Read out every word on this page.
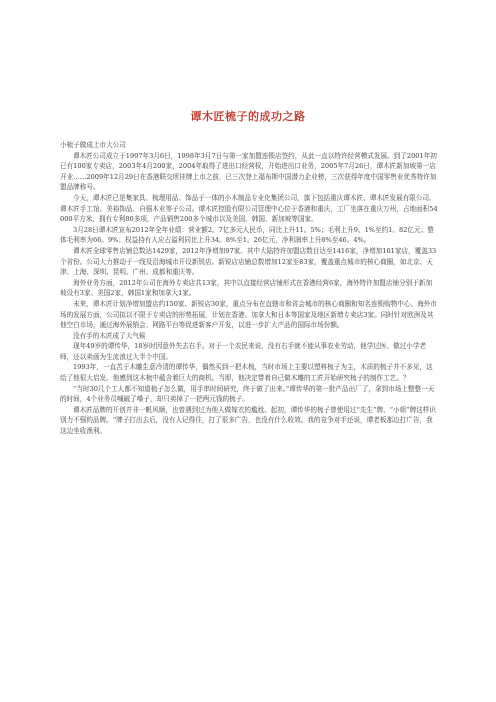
谭木匠梳子的成功之路

小梳子做成上市大公司

谭木匠公司成立于1997年3月6日，1998年3月7日与第一家加盟连锁店签约，从此一直以特许经营模式发展。到了2001年初已有100家专卖店，2003年4月200家，2004年取得了进出口经营权，开始进出口业务，2005年7月26日，谭木匠新加坡第一店开业……2009年12月29日在香港联交所挂牌上市之前，已三次登上福布斯中国潜力企业榜，三次获得年度中国零售业优秀特许加盟品牌称号。

今天，谭木匠已是集家具、梳理用品、饰品于一体的小木制品专业化集团公司，旗下包括重庆谭木匠、谭木匠发展有限公司、谭木匠手工馆、美裕饰品、自强木业等子公司。谭木匠控股有限公司管理中心位于香港和重庆，工厂坐落在重庆万州，占地面积54000平方米，拥有专利80多项，产品销售200多个城市以及美国、韩国、新加坡等国家。

3月28日谭木匠宣布2012年全年业绩：营业额2。7亿多元人民币，同比上升11。5%；毛利上升9。1%至约1。82亿元；整体毛利率为66。9%；权益持有人应占溢利同比上升34。8%至1。26亿元，净利润率上升8%至46。4%。

谭木匠全球零售店铺总数达1429家，2012年净增加97家。其中大陆特许加盟店数目达至1416家，净增加101家店，覆盖33个省份。公司大力推动于一线及沿海城市开设新锐店。新锐店店铺总数增加12家至83家，覆盖重点城市的核心商圈，如北京、天津、上海、深圳、昆明、广州、成都和重庆等。

海外业务方面，2012年公司在海外专卖店共13家，其中以直接经营店铺形式在香港经营6家，海外特许加盟店铺分别于新加坡设有3家、美国2家、韩国1家和加拿大1家。

未来，谭木匠计划净增加盟店约150家、新锐店30家，重点分布在直辖市和省会城市的核心商圈和知名连锁购物中心。海外市场的发展方面，公司拟以不限于专卖店的形势拓展，计划在香港、加拿大和日本等国家及地区新增专卖店3家。同时针对欧洲及其他空白市场，通过海外展销会、网路平台等促进新客户开发，以进一步扩大产品的国际市场份额。

没有手的木匠成了大气候

现年49岁的谭传华，18岁时因意外失去右手。对于一个农民来说，没有右手就不能从事农业劳动，他学过医、做过小学老师，还以卖画为生流浪过大半个中国。

1993年，一直苦于木雕生意冷清的谭传华，偶然买到一把木梳，当时市场上主要以塑料梳子为主，木质的梳子并不多见，这给了他很大启发。他感到这木梳中蕴含着巨大的商机。当即，他决定带着自己做木雕的工匠开始研究梳子的制作工艺。？

“当时30几个工人都不知道梳子怎么做，用手串时间研究，终于做了出来。”谭传华的第一批产品出厂了，拿到市场上整整一天的时间，4个业务员喊破了嗓子，却只卖掉了一把两元钱的梳子。

谭木匠品牌的开创并非一帆风顺，也曾遇到过为他人做嫁衣的尴尬。起初，谭传华的梳子曾使用过“先生”牌、“小姐”牌这样识别力不强的品牌。“牌子打出去后，没有人记得住，打了很多广告，也没有什么收效。我的竞争对手还说，谭老板那边打广告，我这边坐收渔利。
